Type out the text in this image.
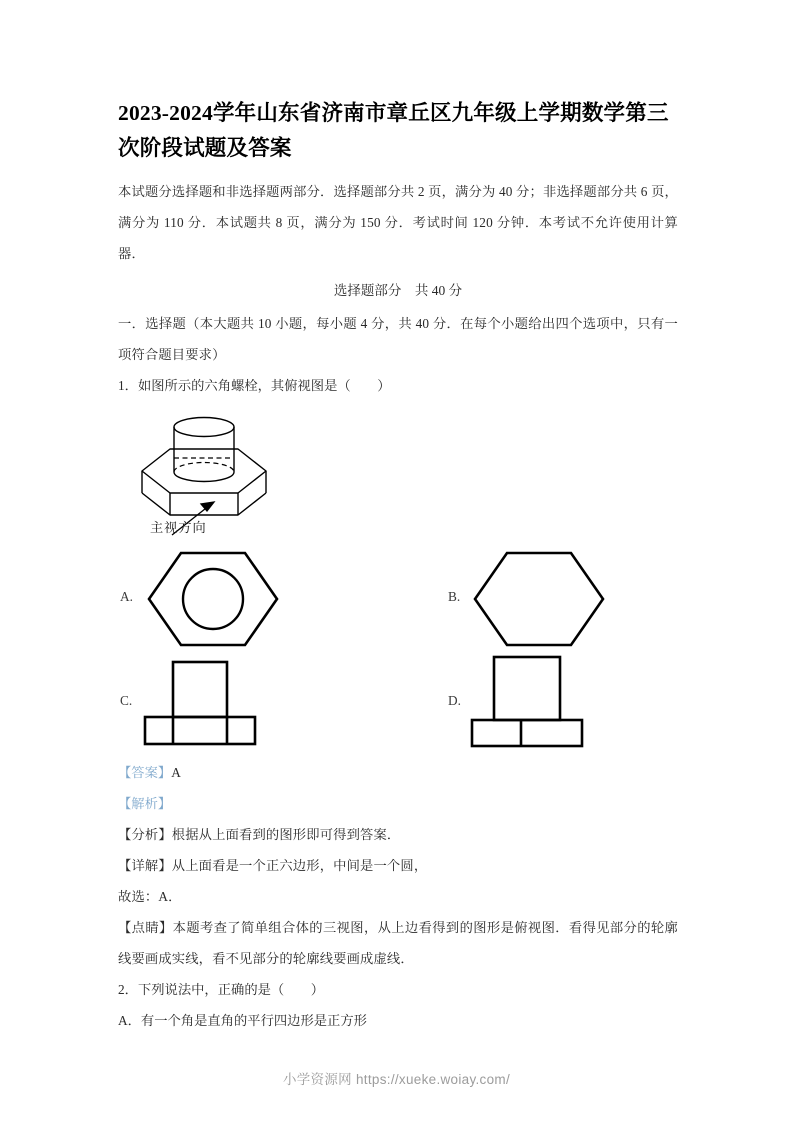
2023-2024学年山东省济南市章丘区九年级上学期数学第三次阶段试题及答案

本试题分选择题和非选择题两部分．选择题部分共 2 页，满分为 40 分；非选择题部分共 6 页，满分为 110 分．本试题共 8 页，满分为 150 分．考试时间 120 分钟．本考试不允许使用计算器．

选择题部分　共 40 分

一．选择题（本大题共 10 小题，每小题 4 分，共 40 分．在每个小题给出四个选项中，只有一项符合题目要求）

1．如图所示的六角螺栓，其俯视图是（　　）

主视方向
A.	B.
C.	D.

【答案】A

【解析】

【分析】根据从上面看到的图形即可得到答案．

【详解】从上面看是一个正六边形，中间是一个圆，

故选：A．

【点睛】本题考查了简单组合体的三视图，从上边看得到的图形是俯视图．看得见部分的轮廓线要画成实线，看不见部分的轮廓线要画成虚线．

2．下列说法中，正确的是（　　）

A．有一个角是直角的平行四边形是正方形

小学资源网 https://xueke.woiay.com/
